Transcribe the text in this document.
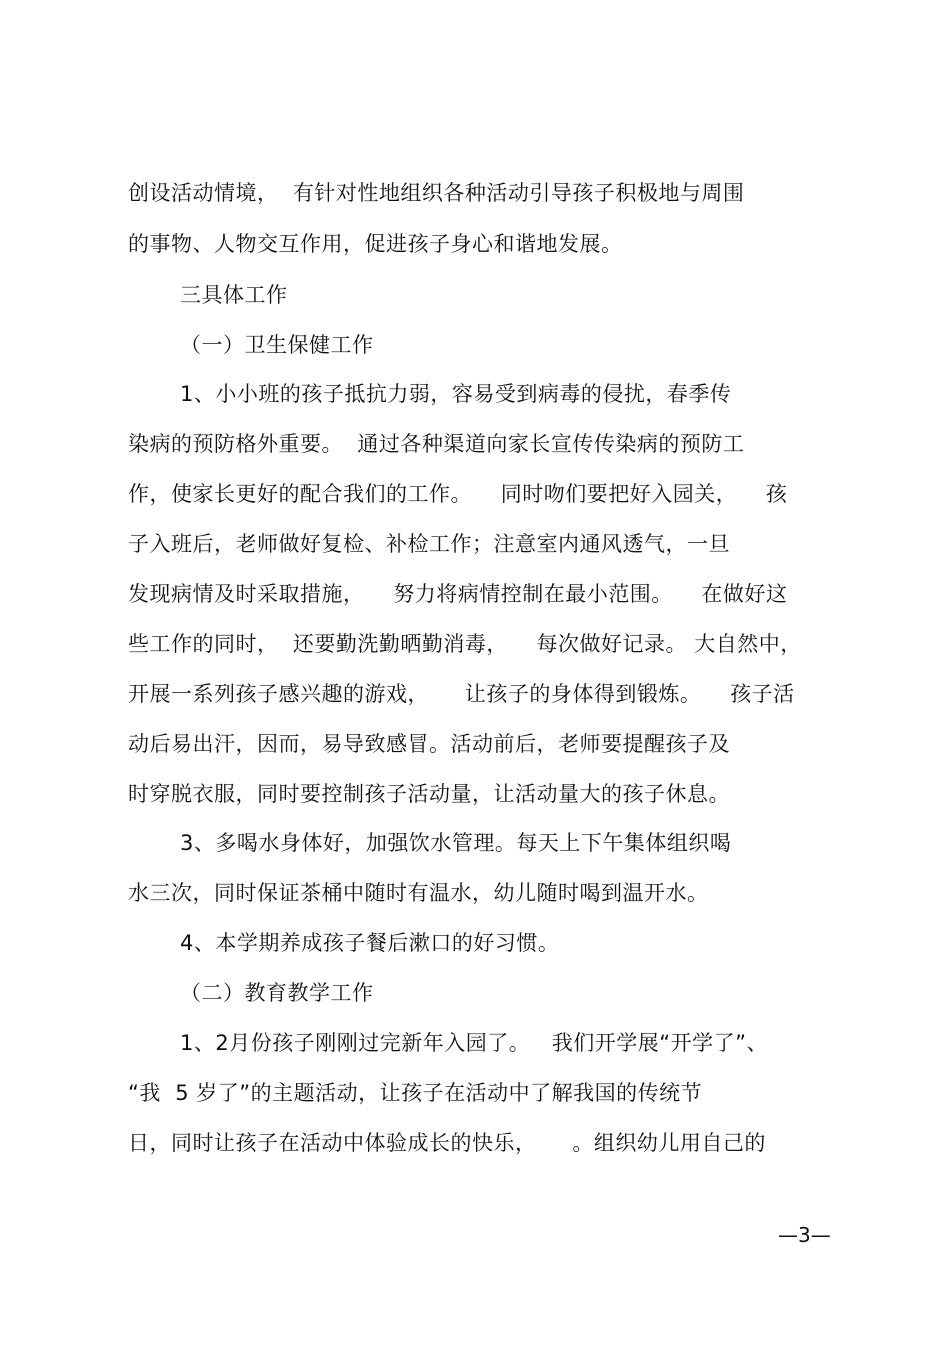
创设活动情境，  有针对性地组织各种活动引导孩子积极地与周围
的事物、人物交互作用，促进孩子身心和谐地发展。
三具体工作
（一）卫生保健工作
1、小小班的孩子抵抗力弱，容易受到病毒的侵扰，春季传
染病的预防格外重要。  通过各种渠道向家长宣传传染病的预防工
作，使家长更好的配合我们的工作。    同时吻们要把好入园关，    孩
子入班后，老师做好复检、补检工作；注意室内通风透气，一旦
发现病情及时采取措施，    努力将病情控制在最小范围。    在做好这
些工作的同时，  还要勤洗勤晒勤消毒，    每次做好记录。 大自然中，
开展一系列孩子感兴趣的游戏，     让孩子的身体得到锻炼。    孩子活
动后易出汗，因而，易导致感冒。活动前后，老师要提醒孩子及
时穿脱衣服，同时要控制孩子活动量，让活动量大的孩子休息。
3、多喝水身体好，加强饮水管理。每天上下午集体组织喝
水三次，同时保证茶桶中随时有温水，幼儿随时喝到温开水。
4、本学期养成孩子餐后漱口的好习惯。
（二）教育教学工作
1、2月份孩子刚刚过完新年入园了。   我们开学展“开学了”、
“我  5 岁了”的主题活动，让孩子在活动中了解我国的传统节
日，同时让孩子在活动中体验成长的快乐，     。组织幼儿用自己的
—3—
